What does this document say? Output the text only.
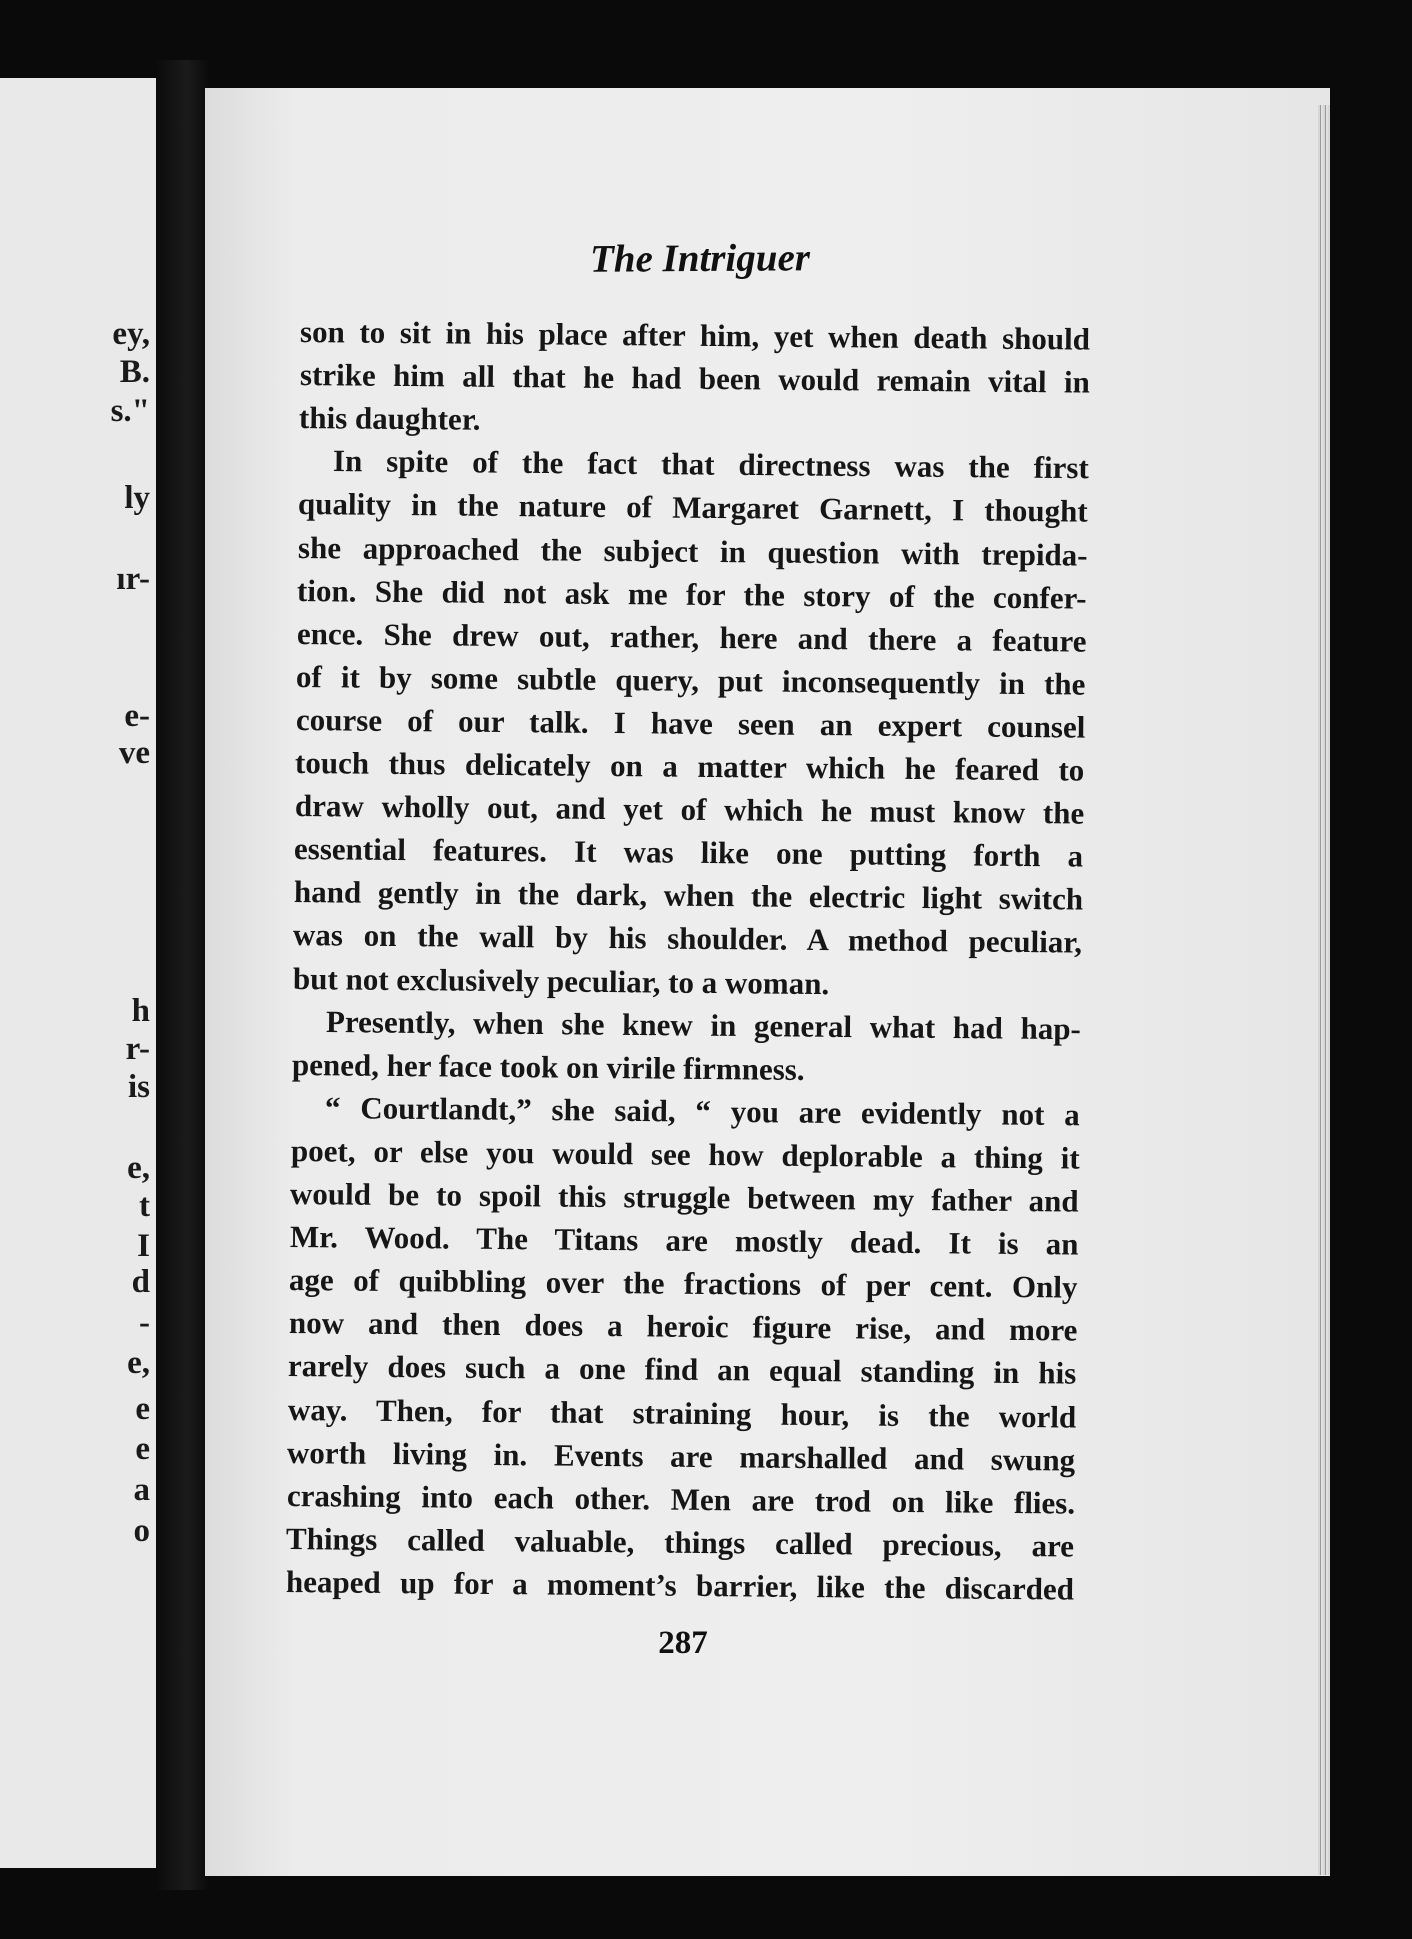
ey,
B.
s."
ly
ır-
e-
ve
h
r-
is
e,
t
I
d
-
e,
e
e
a
o
The Intriguer
son to sit in his place after him, yet when death should
strike him all that he had been would remain vital in
this daughter.
In spite of the fact that directness was the first
quality in the nature of Margaret Garnett, I thought
she approached the subject in question with trepida-
tion. She did not ask me for the story of the confer-
ence. She drew out, rather, here and there a feature
of it by some subtle query, put inconsequently in the
course of our talk. I have seen an expert counsel
touch thus delicately on a matter which he feared to
draw wholly out, and yet of which he must know the
essential features. It was like one putting forth a
hand gently in the dark, when the electric light switch
was on the wall by his shoulder. A method peculiar,
but not exclusively peculiar, to a woman.
Presently, when she knew in general what had hap-
pened, her face took on virile firmness.
“ Courtlandt,” she said, “ you are evidently not a
poet, or else you would see how deplorable a thing it
would be to spoil this struggle between my father and
Mr. Wood. The Titans are mostly dead. It is an
age of quibbling over the fractions of per cent. Only
now and then does a heroic figure rise, and more
rarely does such a one find an equal standing in his
way. Then, for that straining hour, is the world
worth living in. Events are marshalled and swung
crashing into each other. Men are trod on like flies.
Things called valuable, things called precious, are
heaped up for a moment’s barrier, like the discarded
287
